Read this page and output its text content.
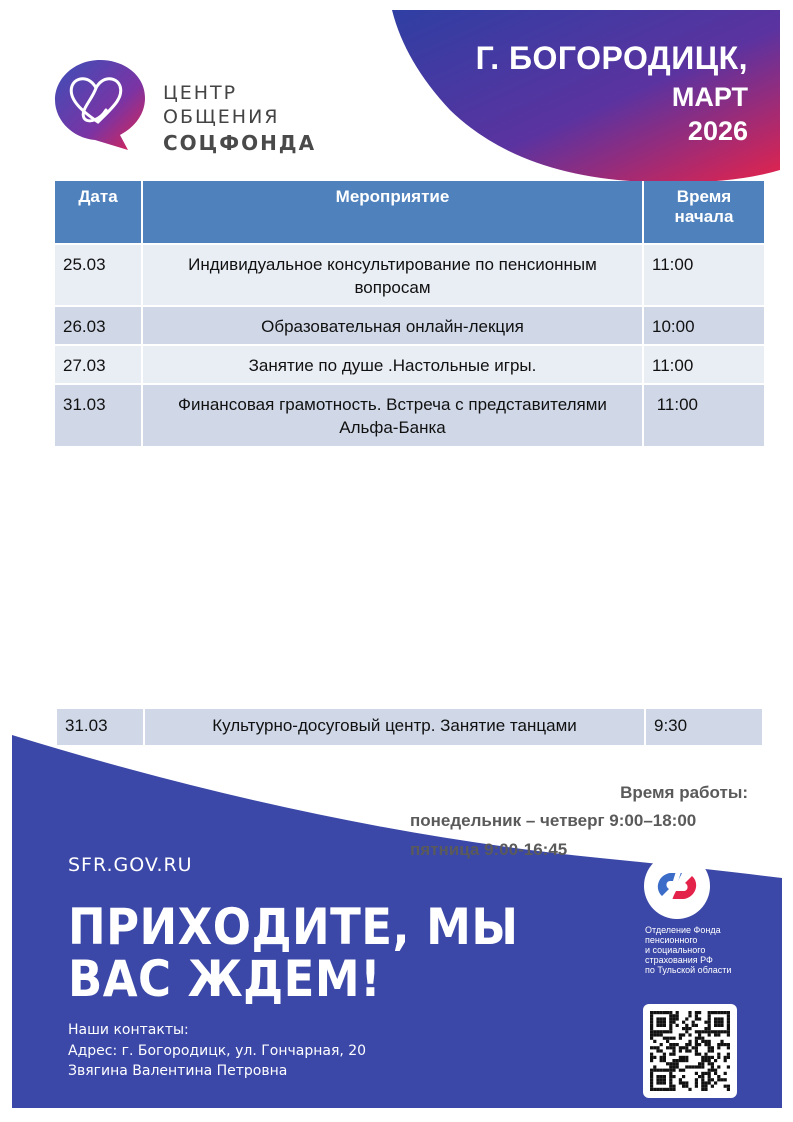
Г. БОГОРОДИЦК,
МАРТ
2026
ЦЕНТР
ОБЩЕНИЯ
СОЦФОНДА
Дата	Мероприятие	Время
начала
25.03	Индивидуальное консультирование по пенсионным вопросам	11:00
26.03	Образовательная онлайн-лекция	10:00
27.03	Занятие по душе .Настольные игры.	11:00
31.03	Финансовая грамотность. Встреча с представителями Альфа-Банка	11:00
31.03	Культурно-досуговый центр. Занятие танцами	9:30
Время работы:
понедельник – четверг 9:00–18:00
пятница 9:00-16:45
SFR.GOV.RU
ПРИХОДИТЕ, МЫ
ВАС ЖДЕМ!
Наши контакты:
Адрес: г. Богородицк, ул. Гончарная, 20
Звягина Валентина Петровна
Отделение Фонда
пенсионного
и социального
страхования РФ
по Тульской области
